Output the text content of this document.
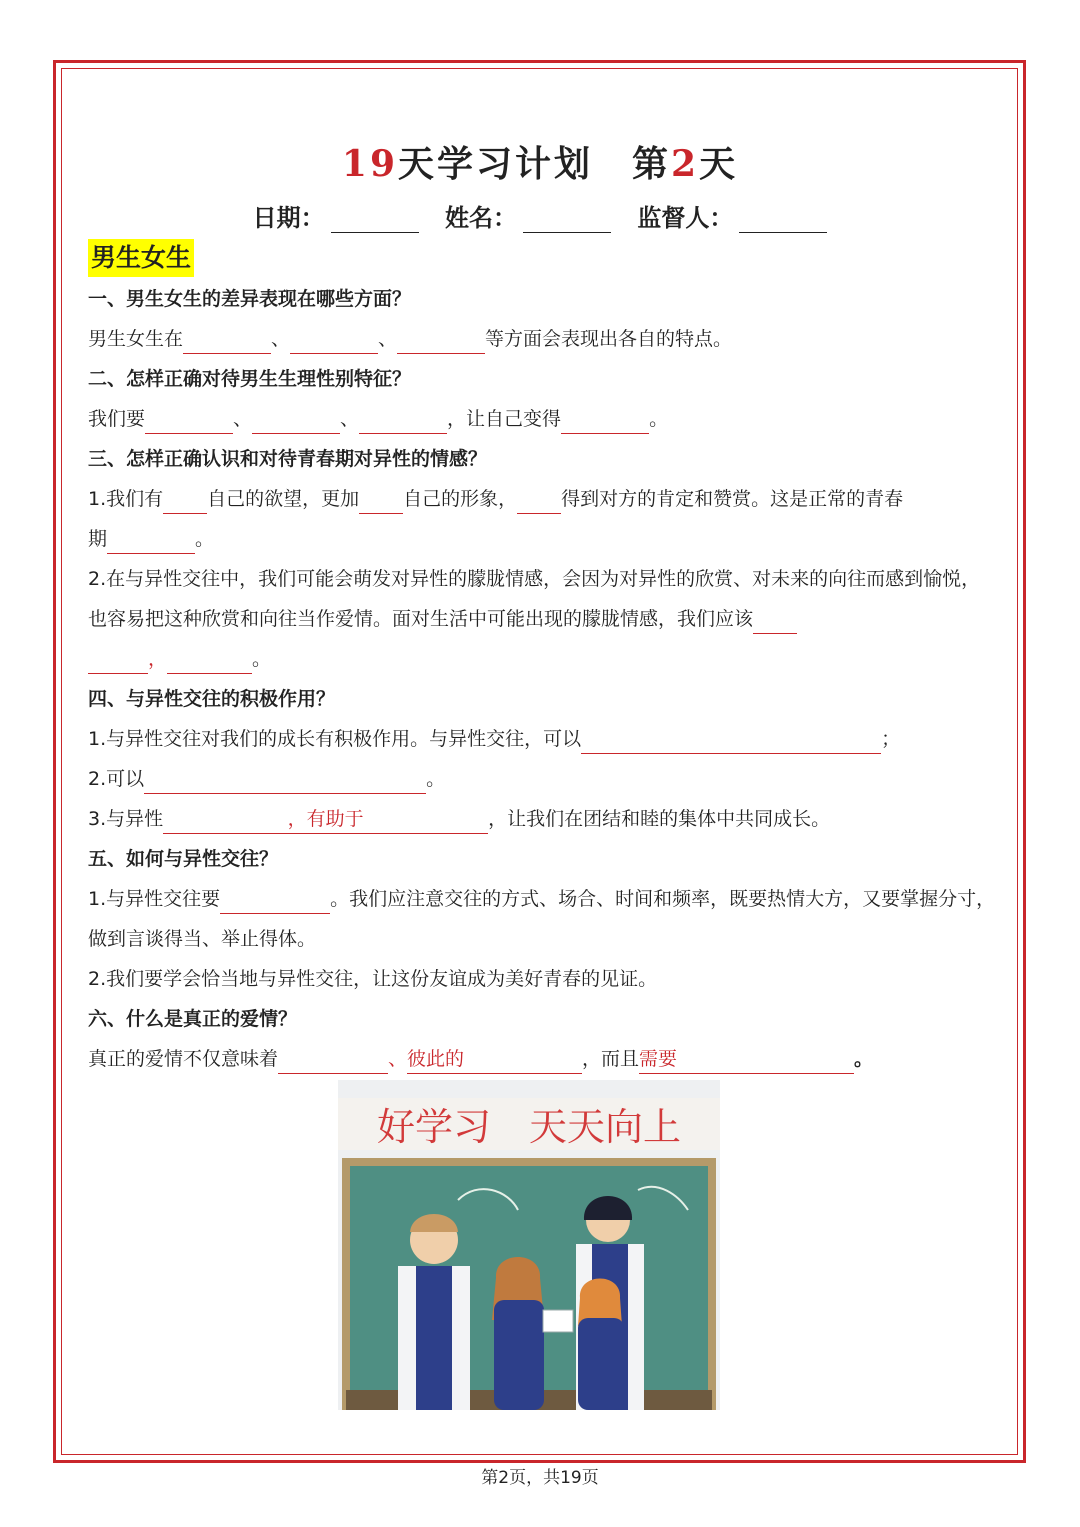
19天学习计划　第2天
日期：	姓名：	监督人：
男生女生

一、男生女生的差异表现在哪些方面？

男生女生在	、	、	等方面会表现出各自的特点。

二、怎样正确对待男生生理性别特征？

我们要	、	、	，让自己变得	。

三、怎样正确认识和对待青春期对异性的情感？

1.我们有 自己的欲望，更加 自己的形象， 得到对方的肯定和赞赏。这是正常的青春
期	。

2.在与异性交往中，我们可能会萌发对异性的朦胧情感，会因为对异性的欣赏、对未来的向往而感到愉悦，也容易把这种欣赏和向往当作爱情。面对生活中可能出现的朦胧情感，我们应该
，	。

四、与异性交往的积极作用？

1.与异性交往对我们的成长有积极作用。与异性交往，可以	；

2.可以	。

3.与异性	，有助于	，让我们在团结和睦的集体中共同成长。

五、如何与异性交往？

1.与异性交往要	。我们应注意交往的方式、场合、时间和频率，既要热情大方，又要掌握分寸，做到言谈得当、举止得体。

2.我们要学会恰当地与异性交往，让这份友谊成为美好青春的见证。

六、什么是真正的爱情？

真正的爱情不仅意味着	、彼此的	，而且需要	。

好学习　天天向上
第2页，共19页
